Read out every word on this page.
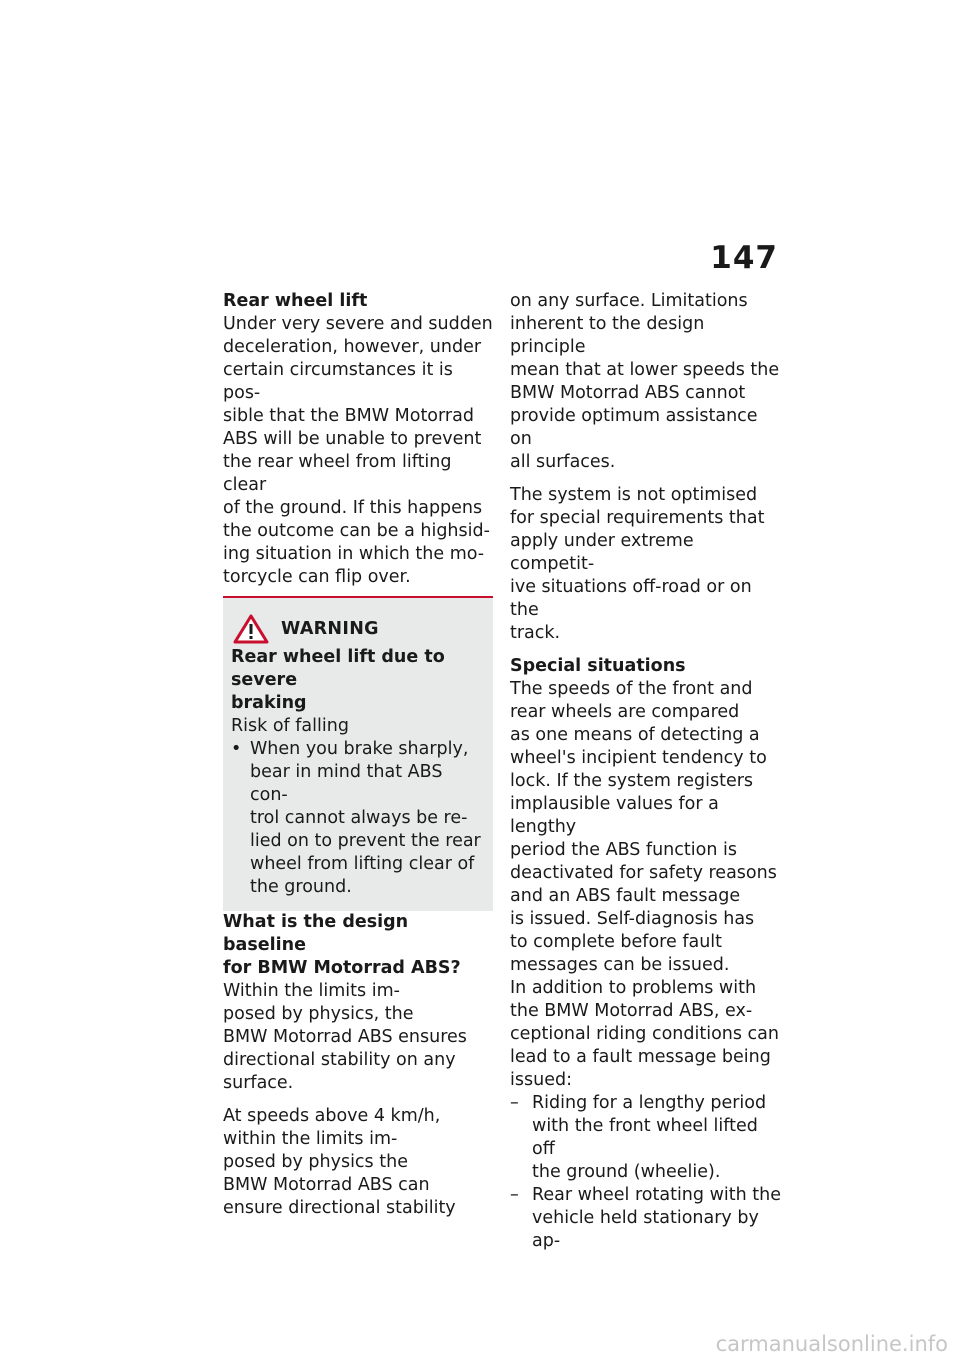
147

Rear wheel lift

Under very severe and sudden
deceleration, however, under
certain circumstances it is pos-
sible that the BMW Motorrad
ABS will be unable to prevent
the rear wheel from lifting clear
of the ground. If this happens
the outcome can be a highsid-
ing situation in which the mo-
torcycle can flip over.

WARNING

Rear wheel lift due to severe
braking

Risk of falling

• When you brake sharply,
bear in mind that ABS con-
trol cannot always be re-
lied on to prevent the rear
wheel from lifting clear of
the ground.

What is the design baseline
for BMW Motorrad ABS?

Within the limits im-
posed by physics, the
BMW Motorrad ABS ensures
directional stability on any
surface.

At speeds above 4 km/h,
within the limits im-
posed by physics the
BMW Motorrad ABS can
ensure directional stability

on any surface. Limitations
inherent to the design principle
mean that at lower speeds the
BMW Motorrad ABS cannot
provide optimum assistance on
all surfaces.

The system is not optimised
for special requirements that
apply under extreme competit-
ive situations off-road or on the
track.

Special situations

The speeds of the front and
rear wheels are compared
as one means of detecting a
wheel's incipient tendency to
lock. If the system registers
implausible values for a lengthy
period the ABS function is
deactivated for safety reasons
and an ABS fault message
is issued. Self-diagnosis has
to complete before fault
messages can be issued.

In addition to problems with
the BMW Motorrad ABS, ex-
ceptional riding conditions can
lead to a fault message being
issued:

– Riding for a lengthy period
with the front wheel lifted off
the ground (wheelie).
– Rear wheel rotating with the
vehicle held stationary by ap-
carmanualsonline.info
